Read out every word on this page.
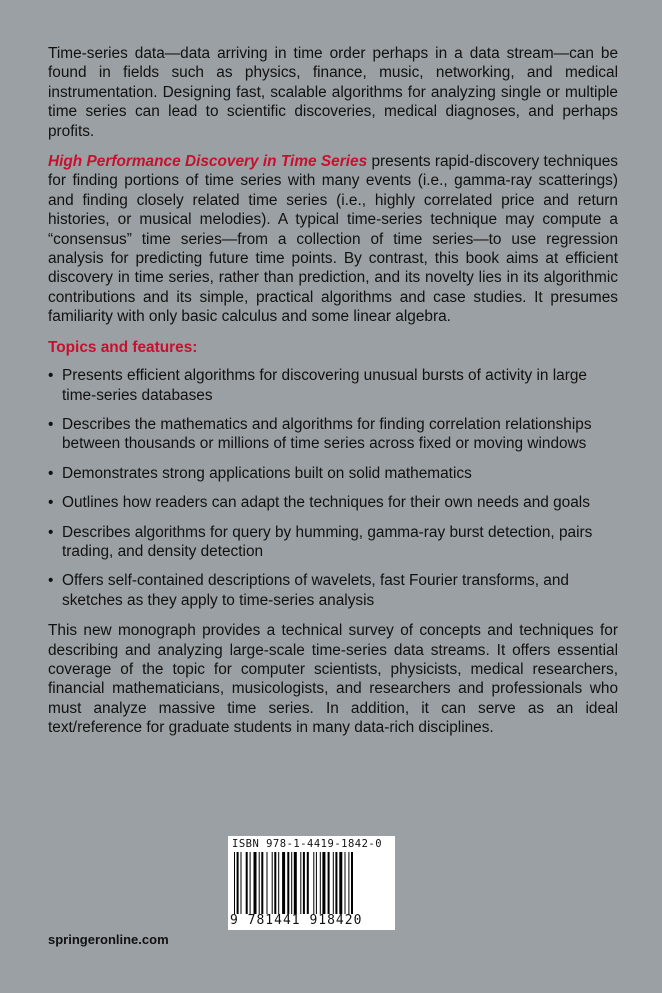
Time-series data—data arriving in time order perhaps in a data stream—can be found in fields such as physics, finance, music, networking, and medical instrumentation. Designing fast, scalable algorithms for analyzing single or multiple time series can lead to scientific discoveries, medical diagnoses, and perhaps profits.

High Performance Discovery in Time Series presents rapid-discovery techniques for finding portions of time series with many events (i.e., gamma-ray scatterings) and finding closely related time series (i.e., highly correlated price and return histories, or musical melodies). A typical time-series technique may compute a “consensus” time series—from a collection of time series—to use regression analysis for predicting future time points. By contrast, this book aims at efficient discovery in time series, rather than prediction, and its novelty lies in its algorithmic contributions and its simple, practical algorithms and case studies. It presumes familiarity with only basic calculus and some linear algebra.

Topics and features:

• Presents efficient algorithms for discovering unusual bursts of activity in large time-series databases
• Describes the mathematics and algorithms for finding correlation relationships between thousands or millions of time series across fixed or moving windows
• Demonstrates strong applications built on solid mathematics
• Outlines how readers can adapt the techniques for their own needs and goals
• Describes algorithms for query by humming, gamma-ray burst detection, pairs trading, and density detection
• Offers self-contained descriptions of wavelets, fast Fourier transforms, and sketches as they apply to time-series analysis

This new monograph provides a technical survey of concepts and techniques for describing and analyzing large-scale time-series data streams. It offers essential coverage of the topic for computer scientists, physicists, medical researchers, financial mathematicians, musicologists, and researchers and professionals who must analyze massive time series. In addition, it can serve as an ideal text/reference for graduate students in many data-rich disciplines.

ISBN 978-1-4419-1842-0
9 781441 918420
springeronline.com
